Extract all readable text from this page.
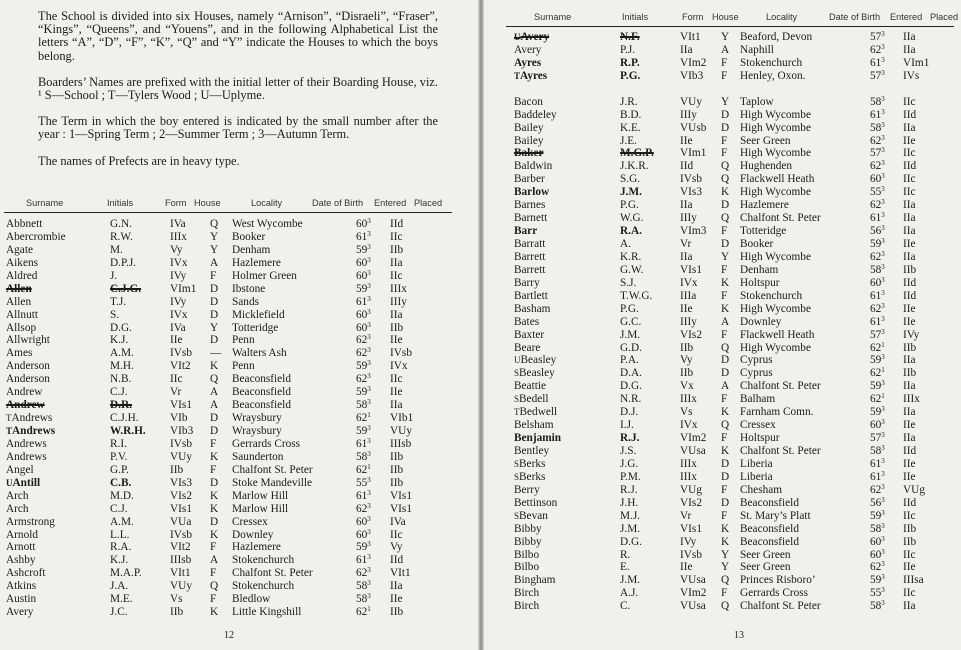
The School is divided into six Houses, namely “Arnison”, “Disraeli”, “Fraser”, “Kings”, “Queens”, and “Youens”, and in the following Alphabetical List the letters “A”, “D”, “F”, “K”, “Q” and “Y” indicate the Houses to which the boys belong.

Boarders’ Names are prefixed with the initial letter of their Boarding House, viz. ¹ S—School ; T—Tylers Wood ; U—Uplyme.

The Term in which the boy entered is indicated by the small number after the year : 1—Spring Term ; 2—Summer Term ; 3—Autumn Term.

The names of Prefects are in heavy type.

Surname	Initials	Form House	Locality	Date of Birth Entered Placed
Abbnett	G.N.	IVa Q West Wycombe	$60^3$ IId
Abercrombie	R.W.	IIIx Y Booker	$61^3$ IIc
Agate	M.	Vy Y Denham	$59^3$ IIb
Aikens	D.P.J.	IVx A Hazlemere	$60^3$ IIa
Aldred	J.	IVy F Holmer Green	$60^3$ IIc
Allen	C.J.G.	VIm1 D Ibstone	$59^3$ IIIx
Allen	T.J.	IVy D Sands	$61^3$ IIIy
Allnutt	S.	IVx D Micklefield	$60^3$ IIa
Allsop	D.G.	IVa Y Totteridge	$60^3$ IIb
Allwright	K.J.	IIe D Penn	$62^3$ IIe
Ames	A.M.	IVsb — Walters Ash	$62^3$ IVsb
Anderson	M.H.	VIt2 K Penn	$59^3$ IVx
Anderson	N.B.	IIc Q Beaconsfield	$62^3$ IIc
Andrew	C.J.	Vr	A Beaconsfield	$59^3$ IIe
Andrew	D.R.	VIs1 A Beaconsfield	$58^3$ IIa
TAndrews	C.J.H.	VIb D Wraysbury	$62^1$ VIb1
TAndrews	W.R.H. VIb3 D Wraysbury	$59^3$ VUy
Andrews	R.I.	IVsb F Gerrards Cross	$61^3$ IIIsb
Andrews	P.V.	VUy K Saunderton	$58^3$ IIb
Angel	G.P.	IIb F Chalfont St. Peter	$62^1$ IIb
UAntill	C.B.	VIs3 D Stoke Mandeville	$55^3$ IIb
Arch	M.D.	VIs2 K Marlow Hill	$61^3$ VIs1
Arch	C.J.	VIs1 K Marlow Hill	$62^3$ VIs1
Armstrong	A.M.	VUa D Cressex	$60^3$ IVa
Arnold	L.L.	IVsb K Downley	$60^3$ IIc
Arnott	R.A.	VIt2 F Hazlemere	$59^3$ Vy
Ashby	K.J.	IIIsb A Stokenchurch	$61^3$ IId
Ashcroft	M.A.P.	VIt1 F Chalfont St. Peter	$62^3$ VIt1
Atkins	J.A.	VUy Q Stokenchurch	$58^3$ IIa
Austin	M.E.	Vs F Bledlow	$58^3$ IIe
Avery	J.C.	IIb K Little Kingshill	$62^1$ IIb
12
Surname	Initials	Form House	Locality	Date of Birth Entered Placed
UAvery	N.F.	VIt1 Y Beaford, Devon	$57^3$ IIa
Avery	P.J.	IIa	A Naphill	$62^3$ IIa
Ayres	R.P.	VIm2 F Stokenchurch	$61^3$ VIm1
TAyres	P.G.	VIb3 F Henley, Oxon.	$57^3$ IVs
Bacon	J.R.	VUy Y Taplow	$58^3$ IIc
Baddeley	B.D.	IIIy D High Wycombe	$61^3$ IId
Bailey	K.E.	VUsb D High Wycombe	$58^3$ IIa
Bailey	J.E.	IIe	F Seer Green	$62^3$ IIe
Baker	M.G.P. VIm1 F High Wycombe	$57^3$ IIc
Baldwin	J.K.R.	IId Q Hughenden	$62^3$ IId
Barber	S.G.	IVsb Q Flackwell Heath	$60^3$ IIc
Barlow	J.M.	VIs3 K High Wycombe	$55^3$ IIc
Barnes	P.G.	IIa	D Hazlemere	$62^3$ IIa
Barnett	W.G.	IIIy Q Chalfont St. Peter	$61^3$ IIa
Barr	R.A.	VIm3 F Totteridge	$56^3$ IIa
Barratt	A.	Vr	D Booker	$59^3$ IIe
Barrett	K.R.	IIa	Y High Wycombe	$62^3$ IIa
Barrett	G.W.	VIs1 F Denham	$58^3$ IIb
Barry	S.J.	IVx K Holtspur	$60^3$ IId
Bartlett	T.W.G. IIIa F Stokenchurch	$61^3$ IId
Basham	P.G.	IIe	K High Wycombe	$62^3$ IIe
Bates	G.C.	IIIy A Downley	$61^3$ IIe
Baxter	J.M.	VIs2 F Flackwell Heath	$57^3$ IVy
Beare	G.D.	IIb Q High Wycombe	$62^1$ IIb
UBeasley	P.A.	Vy	D Cyprus	$59^3$ IIa
SBeasley	D.A.	IIb D Cyprus	$62^1$ IIb
Beattie	D.G.	Vx A Chalfont St. Peter	$59^3$ IIa
SBedell	N.R.	IIIx F Balham	$62^1$ IIIx
TBedwell	D.J.	Vs	K Farnham Comn.	$59^3$ IIa
Belsham	I.J.	IVx Q Cressex	$60^3$ IIe
Benjamin	R.J.	VIm2 F Holtspur	$57^3$ IIa
Bentley	J.S.	VUsa K Chalfont St. Peter	$58^3$ IId
SBerks	J.G.	IIIx D Liberia	$61^3$ IIe
SBerks	P.M.	IIIx D Liberia	$61^3$ IIe
Berry	R.J.	VUg F Chesham	$62^3$ VUg
Bettinson	J.H.	VIs2 D Beaconsfield	$56^3$ IId
SBevan	M.J.	Vr	F St. Mary’s Platt	$59^3$ IIc
Bibby	J.M.	VIs1 K Beaconsfield	$58^3$ IIb
Bibby	D.G.	IVy K Beaconsfield	$60^3$ IIb
Bilbo	R.	IVsb Y Seer Green	$60^3$ IIc
Bilbo	E.	IIe	Y Seer Green	$62^3$ IIe
Bingham	J.M.	VUsa Q Princes Risboro’	$59^3$ IIIsa
Birch	A.J.	VIm2 F Gerrards Cross	$55^3$ IIc
Birch	C.	VUsa Q Chalfont St. Peter	$58^3$ IIa
13
